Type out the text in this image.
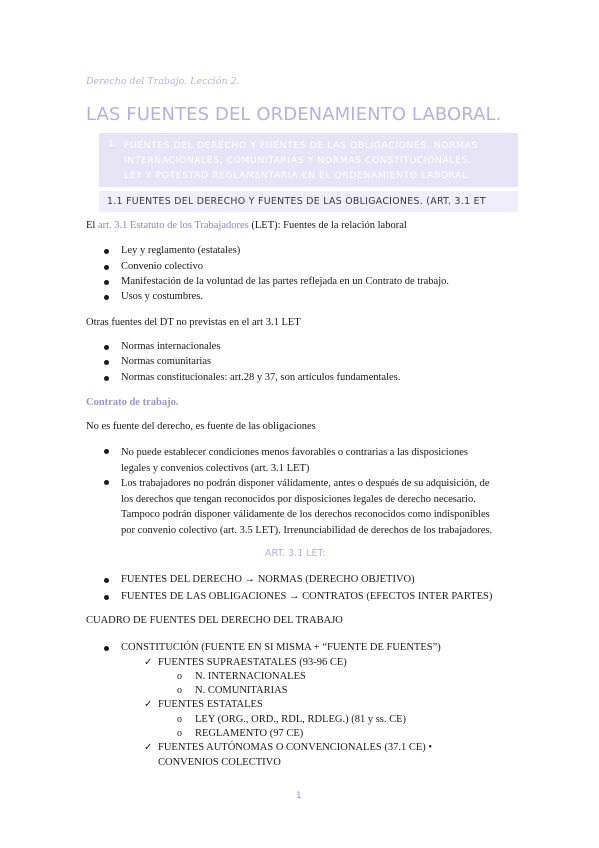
Derecho del Trabajo. Lección 2.
LAS FUENTES DEL ORDENAMIENTO LABORAL.
1. FUENTES DEL DERECHO Y FUENTES DE LAS OBLIGACIONES. NORMAS
INTERNACIONALES, COMUNITARIAS Y NORMAS CONSTITUCIONALES.
LEY Y POTESTAD REGLAMENTARIA EN EL ORDENAMIENTO LABORAL.
1.1 FUENTES DEL DERECHO Y FUENTES DE LAS OBLIGACIONES. (ART. 3.1 ET
El art. 3.1 Estatuto de los Trabajadores (LET): Fuentes de la relación laboral
Ley y reglamento (estatales)
Convenio colectivo
Manifestación de la voluntad de las partes reflejada en un Contrato de trabajo.
Usos y costumbres.
Otras fuentes del DT no previstas en el art 3.1 LET
Normas internacionales
Normas comunitarias
Normas constitucionales: art.28 y 37, son artículos fundamentales.
Contrato de trabajo.
No es fuente del derecho, es fuente de las obligaciones
No puede establecer condiciones menos favorables o contrarias a las disposiciones
legales y convenios colectivos (art. 3.1 LET)
Los trabajadores no podrán disponer válidamente, antes o después de su adquisición, de
los derechos que tengan reconocidos por disposiciones legales de derecho necesario.
Tampoco podrán disponer válidamente de los derechos reconocidos como indisponibles
por convenio colectivo (art. 3.5 LET). Irrenunciabilidad de derechos de los trabajadores.
ART. 3.1 LET:
FUENTES DEL DERECHO → NORMAS (DERECHO OBJETIVO)
FUENTES DE LAS OBLIGACIONES → CONTRATOS (EFECTOS INTER PARTES)
CUADRO DE FUENTES DEL DERECHO DEL TRABAJO
CONSTITUCIÓN (FUENTE EN SI MISMA + “FUENTE DE FUENTES”)
✓ FUENTES SUPRAESTATALES (93-96 CE)
o N. INTERNACIONALES
o N. COMUNITARIAS
✓ FUENTES ESTATALES
o LEY (ORG., ORD., RDL, RDLEG.) (81 y ss. CE)
o REGLAMENTO (97 CE)
✓ FUENTES AUTÓNOMAS O CONVENCIONALES (37.1 CE) •
CONVENIOS COLECTIVO
1
